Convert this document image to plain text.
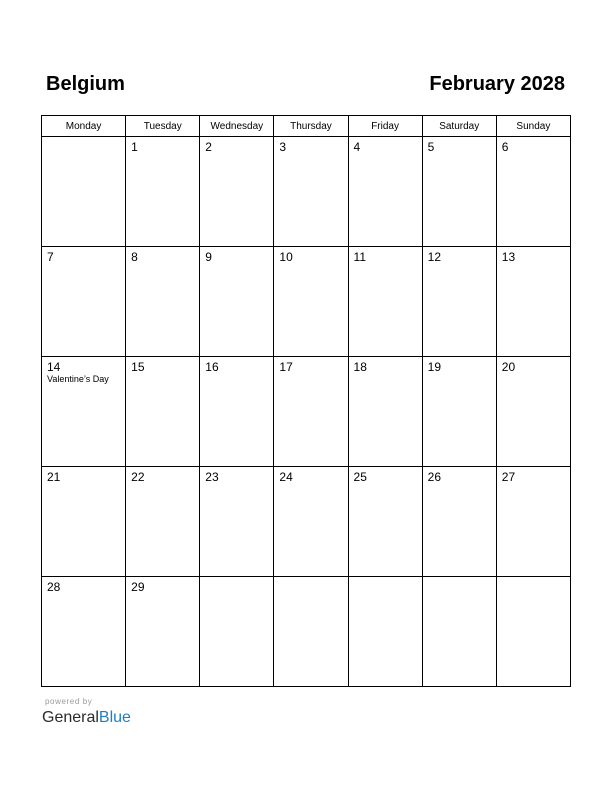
Belgium	February 2028
Monday	Tuesday	Wednesday	Thursday	Friday	Saturday	Sunday

	1	2	3	4	5	6

7	8	9	10	11	12	13

14
Valentine’s Day	15	16	17	18	19	20

21	22	23	24	25	26	27

28	29					

powered by
GeneralBlue
